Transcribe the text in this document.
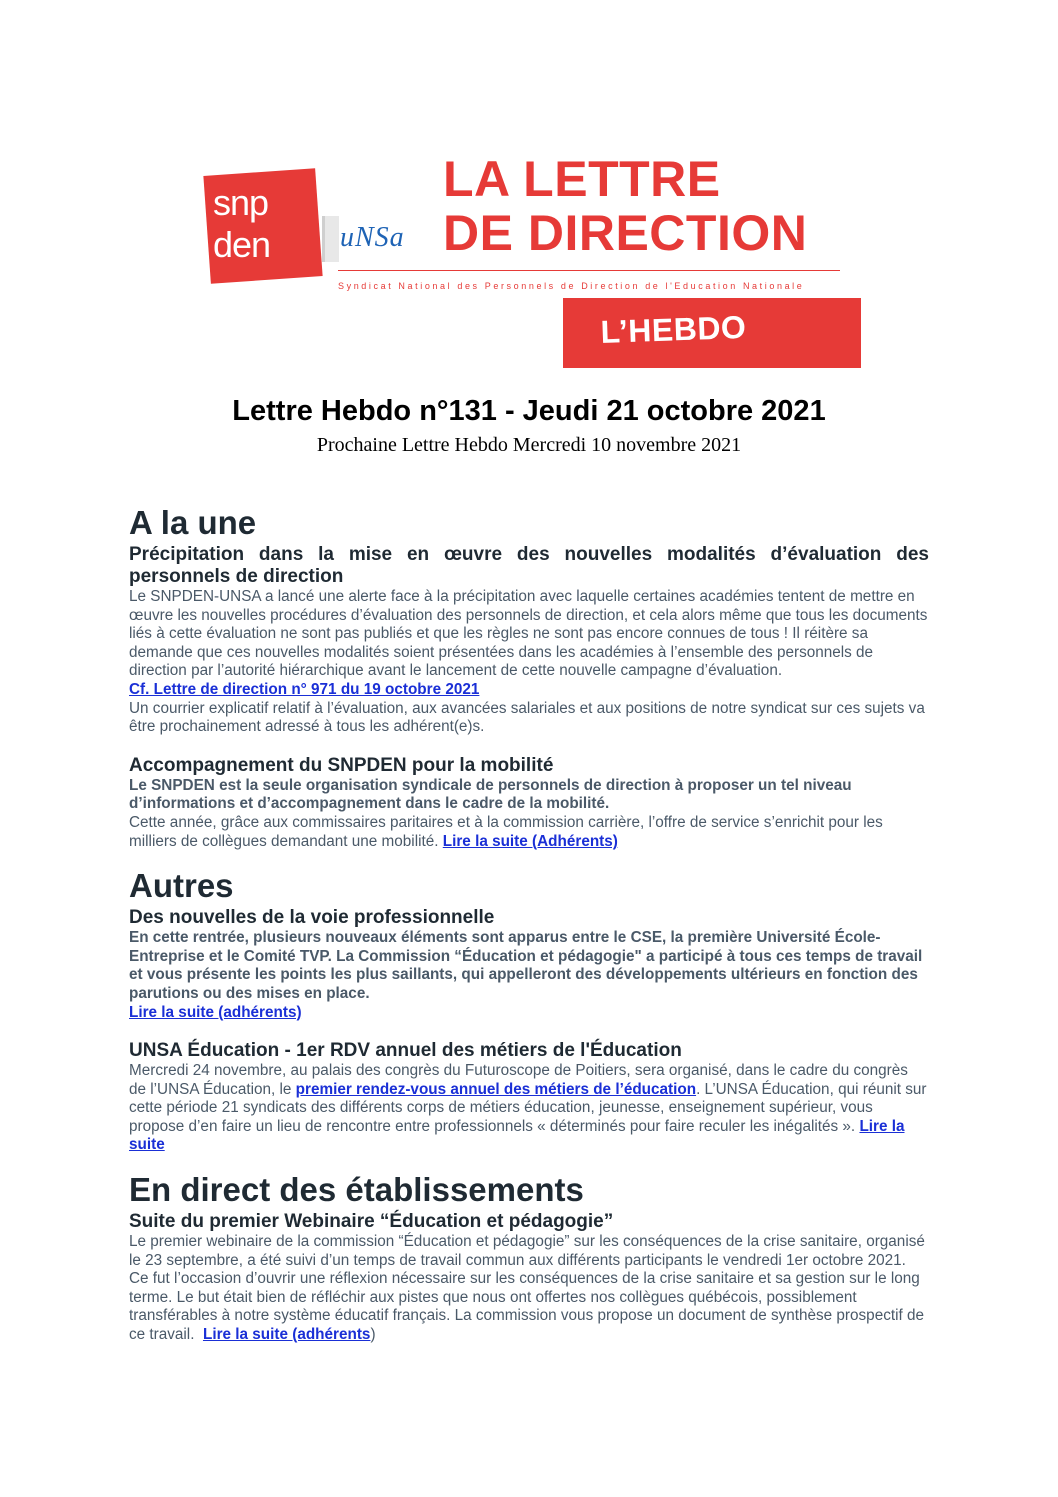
snp
den	uNSa
LA LETTRE
DE DIRECTION
Syndicat National des Personnels de Direction de l'Education Nationale
L’HEBDO
Lettre Hebdo n°131 - Jeudi 21 octobre 2021
Prochaine Lettre Hebdo Mercredi 10 novembre 2021
A la une

Précipitation dans la mise en œuvre des nouvelles modalités d’évaluation des personnels de direction

Le SNPDEN-UNSA a lancé une alerte face à la précipitation avec laquelle certaines académies tentent de mettre en œuvre les nouvelles procédures d’évaluation des personnels de direction, et cela alors même que tous les documents liés à cette évaluation ne sont pas publiés et que les règles ne sont pas encore connues de tous ! Il réitère sa demande que ces nouvelles modalités soient présentées dans les académies à l’ensemble des personnels de direction par l’autorité hiérarchique avant le lancement de cette nouvelle campagne d’évaluation.

Cf. Lettre de direction n° 971 du 19 octobre 2021

Un courrier explicatif relatif à l’évaluation, aux avancées salariales et aux positions de notre syndicat sur ces sujets va être prochainement adressé à tous les adhérent(e)s.

Accompagnement du SNPDEN pour la mobilité

Le SNPDEN est la seule organisation syndicale de personnels de direction à proposer un tel niveau d’informations et d’accompagnement dans le cadre de la mobilité.

Cette année, grâce aux commissaires paritaires et à la commission carrière, l’offre de service s’enrichit pour les milliers de collègues demandant une mobilité. Lire la suite (Adhérents)

Autres

Des nouvelles de la voie professionnelle

En cette rentrée, plusieurs nouveaux éléments sont apparus entre le CSE, la première Université École-Entreprise et le Comité TVP. La Commission “Éducation et pédagogie" a participé à tous ces temps de travail et vous présente les points les plus saillants, qui appelleront des développements ultérieurs en fonction des parutions ou des mises en place.

Lire la suite (adhérents)

UNSA Éducation - 1er RDV annuel des métiers de l'Éducation

Mercredi 24 novembre, au palais des congrès du Futuroscope de Poitiers, sera organisé, dans le cadre du congrès de l’UNSA Éducation, le premier rendez-vous annuel des métiers de l’éducation. L’UNSA Éducation, qui réunit sur cette période 21 syndicats des différents corps de métiers éducation, jeunesse, enseignement supérieur, vous propose d’en faire un lieu de rencontre entre professionnels « déterminés pour faire reculer les inégalités ». Lire la suite

En direct des établissements

Suite du premier Webinaire “Éducation et pédagogie”

Le premier webinaire de la commission “Éducation et pédagogie” sur les conséquences de la crise sanitaire, organisé le 23 septembre, a été suivi d’un temps de travail commun aux différents participants le vendredi 1er octobre 2021. Ce fut l’occasion d’ouvrir une réflexion nécessaire sur les conséquences de la crise sanitaire et sa gestion sur le long terme. Le but était bien de réfléchir aux pistes que nous ont offertes nos collègues québécois, possiblement transférables à notre système éducatif français. La commission vous propose un document de synthèse prospectif de ce travail. Lire la suite (adhérents)
